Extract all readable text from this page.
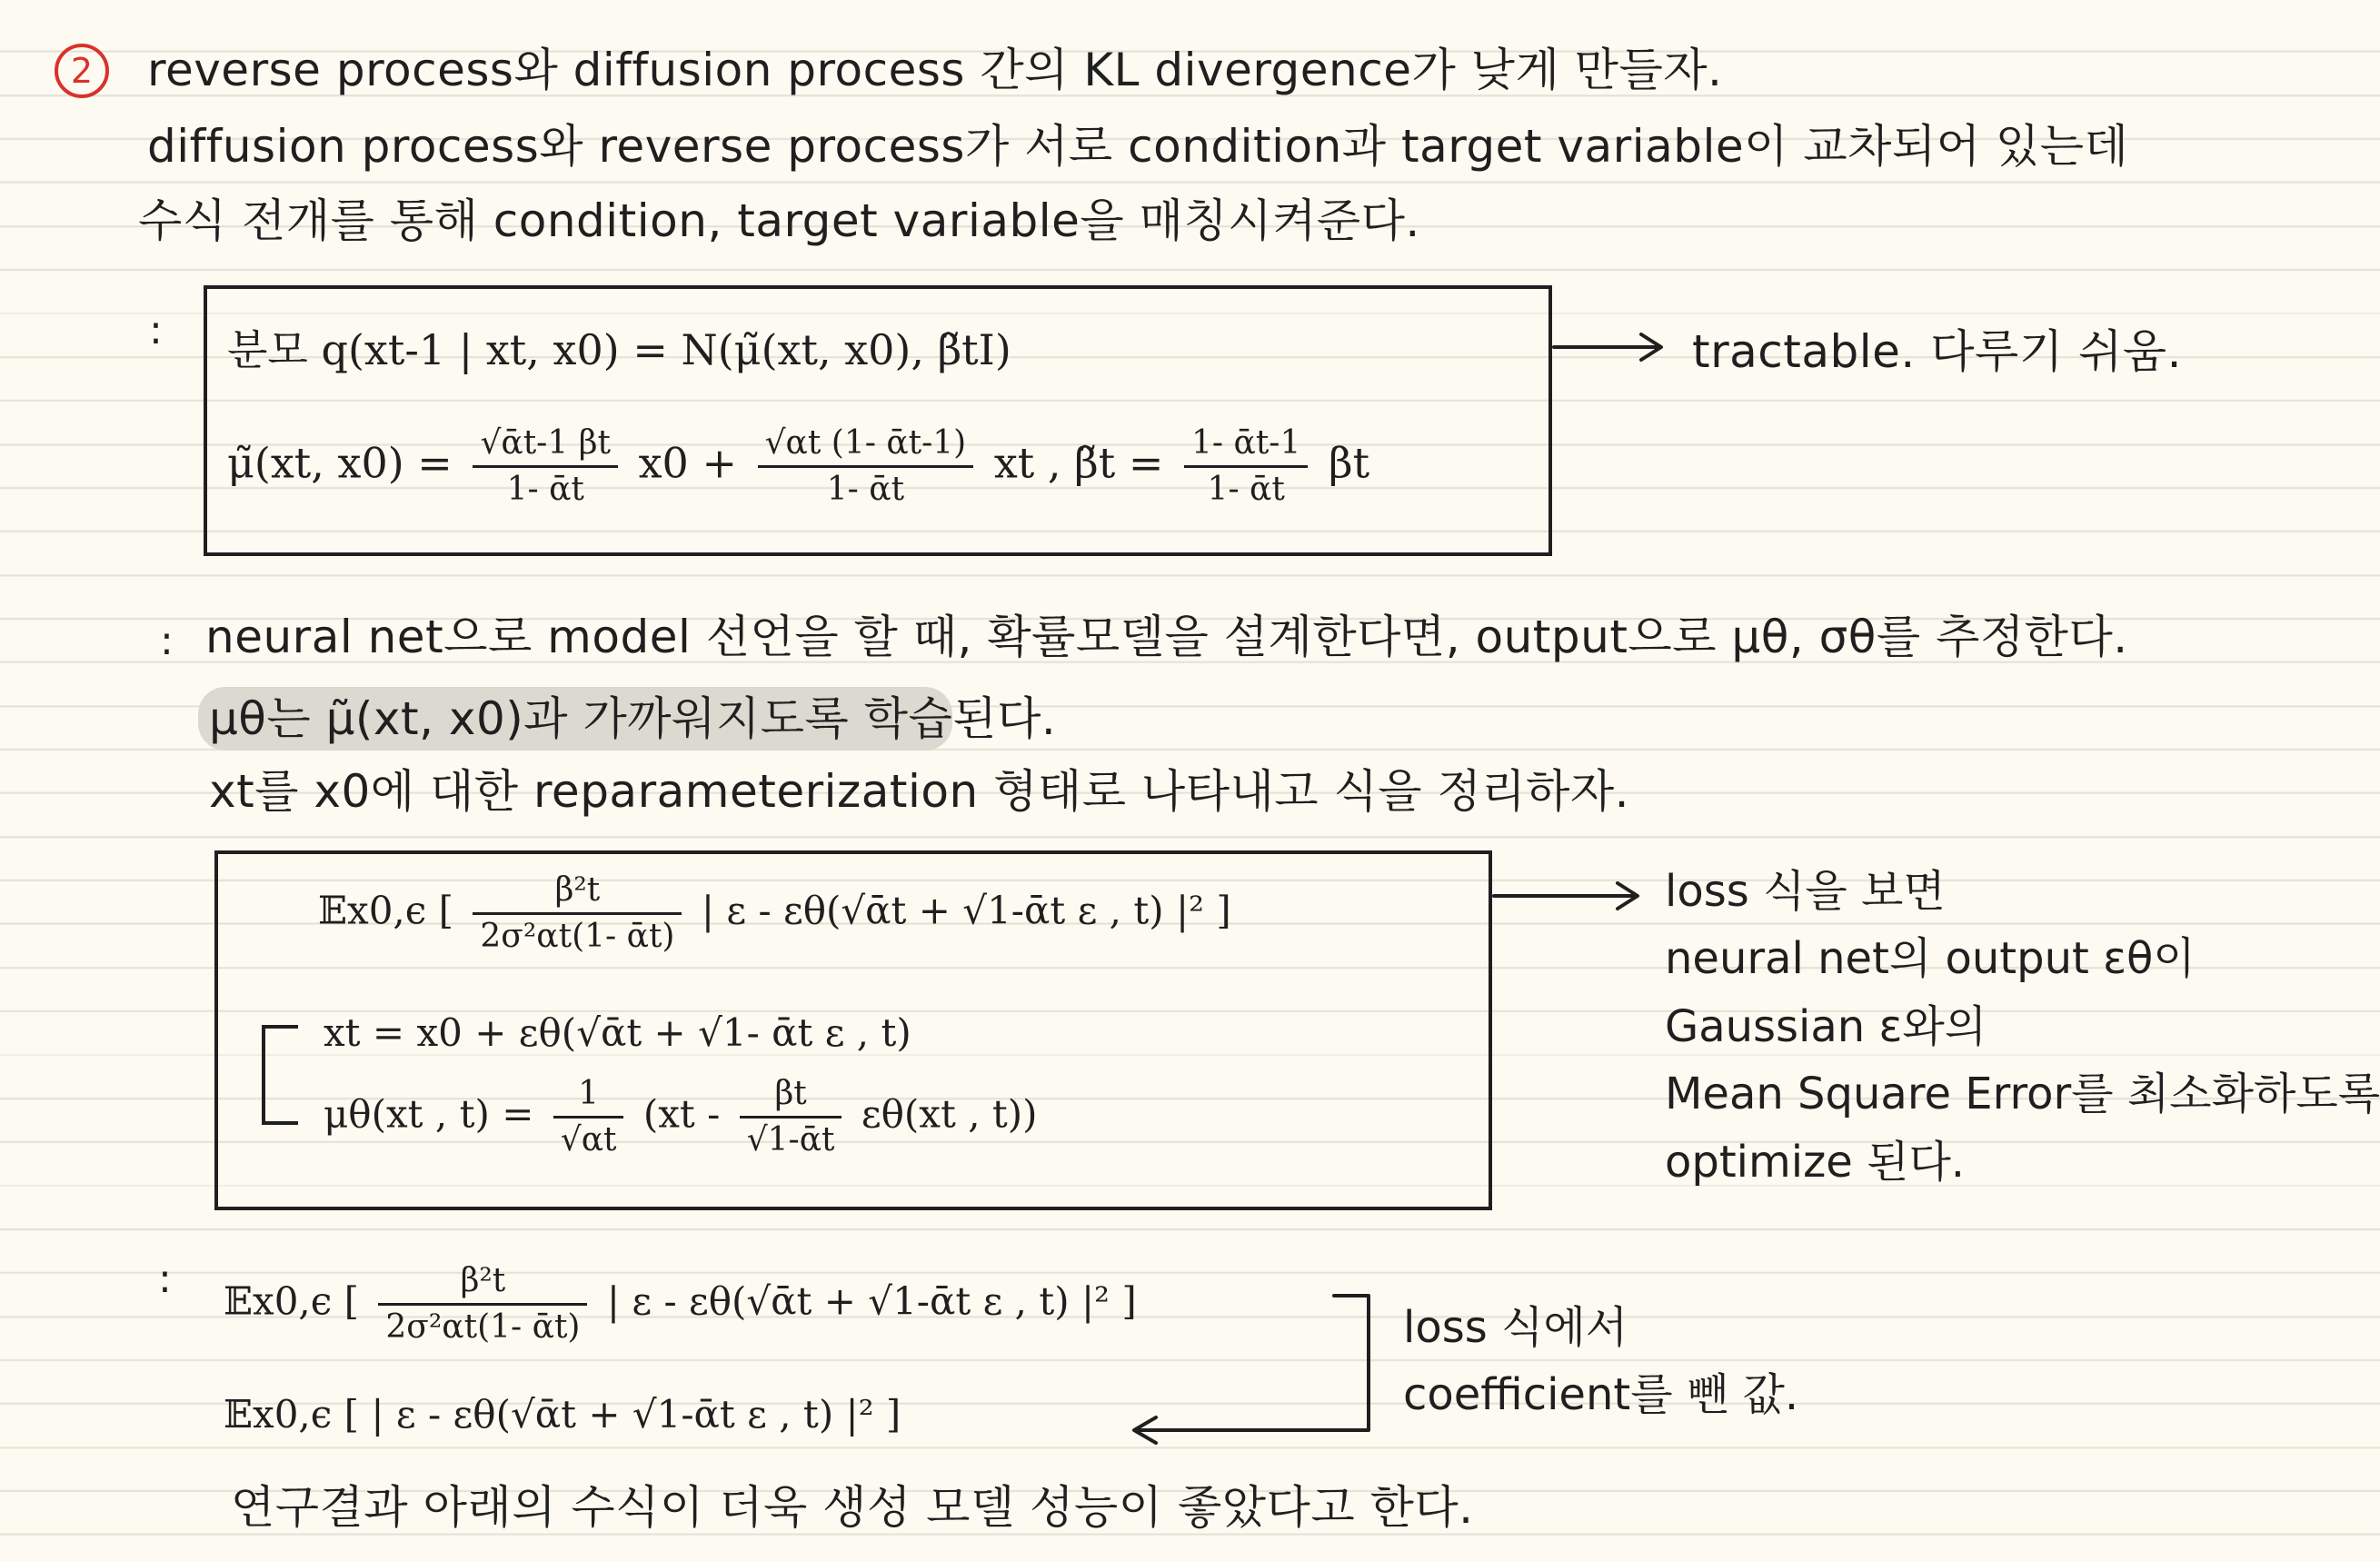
2	reverse process와 diffusion process 간의 KL divergence가 낮게 만들자.
diffusion process와 reverse process가 서로 condition과 target variable이 교차되어 있는데
수식 전개를 통해 condition, target variable을 매칭시켜준다.
: 분모 q(xt-1 | xt, x0) = N(μ̃(xt, x0), β̃tI)
μ̃(xt, $x0) = \frac{\text{√ᾱt-1 βt}}{\text{1- ᾱt}} x0 + \frac{\text{√αt (1- ᾱt-1)}}{\text{1- ᾱt}}$ xt , β̃t = $\frac{\text{1- ᾱt-1}}{\text{1- ᾱt}}$ βt
tractable. 다루기 쉬움.
: neural net으로 model 선언을 할 때, 확률모델을 설계한다면, output으로 μθ, σθ를 추정한다.
μθ는 μ̃(xt, x0)과 가까워지도록 학습된다.
xt를 x0에 대한 reparameterization 형태로 나타내고 식을 정리하자.
𝔼x0,ϵ [ $\frac{\text{β²t}}{\text{2σ²αt(1- ᾱt)}}$ | ε - εθ(√ᾱt + √1-ᾱt ε , t) |² ]
xt = x0 + εθ(√ᾱt + √1- ᾱt ε , t)
μθ(xt , $t) = \frac{1}{√\alpha t} (xt - \frac{\beta t}{\text{√1-ᾱt}} \varepsilon\theta(xt$ , t))
loss 식을 보면
neural net의 output εθ이
Gaussian ε와의
Mean Square Error를 최소화하도록
optimize 된다.
: 𝔼x0,ϵ [ $\frac{\text{β²t}}{\text{2σ²αt(1- ᾱt)}}$ | ε - εθ(√ᾱt + √1-ᾱt ε , t) |² ]
𝔼x0,ϵ [ | ε - εθ(√ᾱt + √1-ᾱt ε , t) |² ]
연구결과 아래의 수식이 더욱 생성 모델 성능이 좋았다고 한다.
loss 식에서
coefficient를 뺀 값.
